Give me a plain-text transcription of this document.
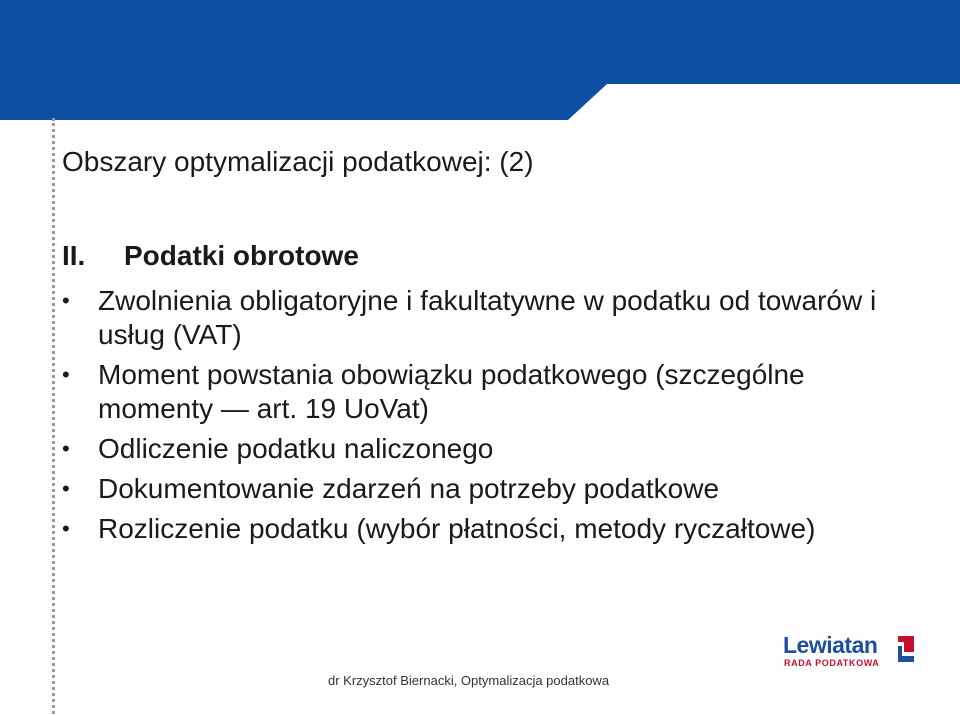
Obszary optymalizacji podatkowej: (2)
II. Podatki obrotowe
•	Zwolnienia obligatoryjne i fakultatywne w podatku od towarów i usług (VAT)
•	Moment powstania obowiązku podatkowego (szczególne momenty — art. 19 UoVat)
•	Odliczenie podatku naliczonego
•	Dokumentowanie zdarzeń na potrzeby podatkowe
•	Rozliczenie podatku (wybór płatności, metody ryczałtowe)
Lewiatan
RADA PODATKOWA
dr Krzysztof Biernacki, Optymalizacja podatkowa
